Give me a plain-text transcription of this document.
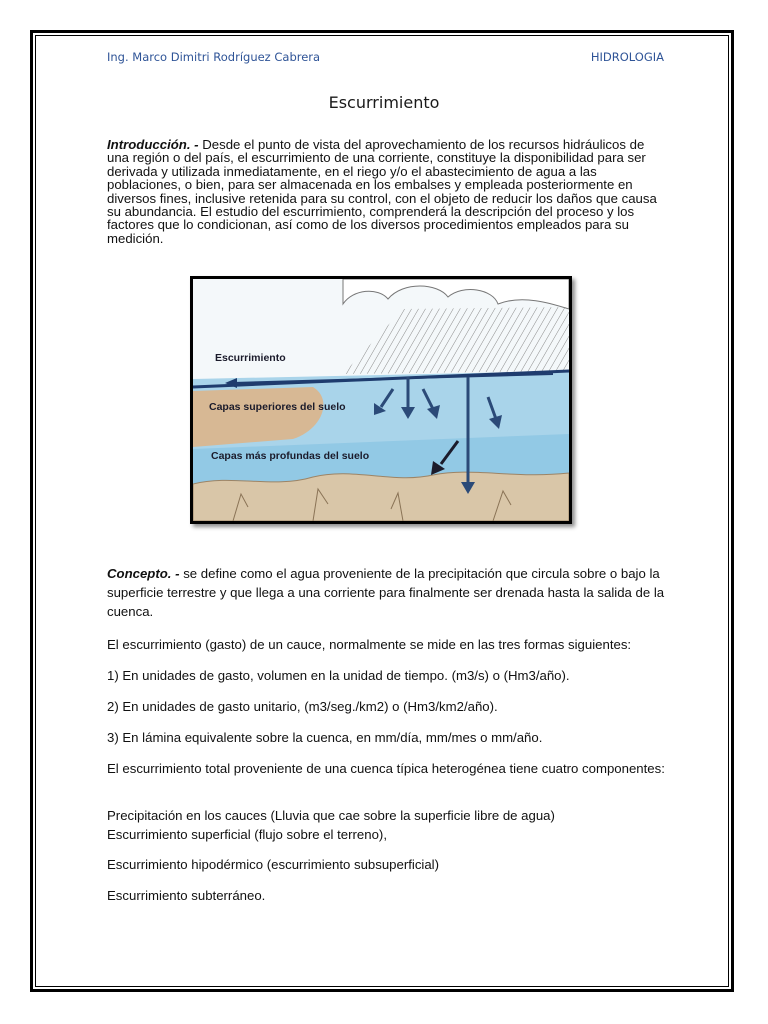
Ing. Marco Dimitri Rodríguez Cabrera	HIDROLOGIA
Escurrimiento
Introducción. - Desde el punto de vista del aprovechamiento de los recursos hidráulicos de una región o del país, el escurrimiento de una corriente, constituye la disponibilidad para ser derivada y utilizada inmediatamente, en el riego y/o el abastecimiento de agua a las poblaciones, o bien, para ser almacenada en los embalses y empleada posteriormente en diversos fines, inclusive retenida para su control, con el objeto de reducir los daños que causa su abundancia. El estudio del escurrimiento, comprenderá la descripción del proceso y los factores que lo condicionan, así como de los diversos procedimientos empleados para su medición.
Escurrimiento
Capas superiores del suelo
Capas más profundas del suelo
Concepto. - se define como el agua proveniente de la precipitación que circula sobre o bajo la superficie terrestre y que llega a una corriente para finalmente ser drenada hasta la salida de la cuenca.
El escurrimiento (gasto) de un cauce, normalmente se mide en las tres formas siguientes:
1) En unidades de gasto, volumen en la unidad de tiempo. (m3/s) o (Hm3/año).
2) En unidades de gasto unitario, (m3/seg./km2) o (Hm3/km2/año).
3) En lámina equivalente sobre la cuenca, en mm/día, mm/mes o mm/año.
El escurrimiento total proveniente de una cuenca típica heterogénea tiene cuatro componentes:
Precipitación en los cauces (Lluvia que cae sobre la superficie libre de agua)
Escurrimiento superficial (flujo sobre el terreno),
Escurrimiento hipodérmico (escurrimiento subsuperficial)
Escurrimiento subterráneo.
